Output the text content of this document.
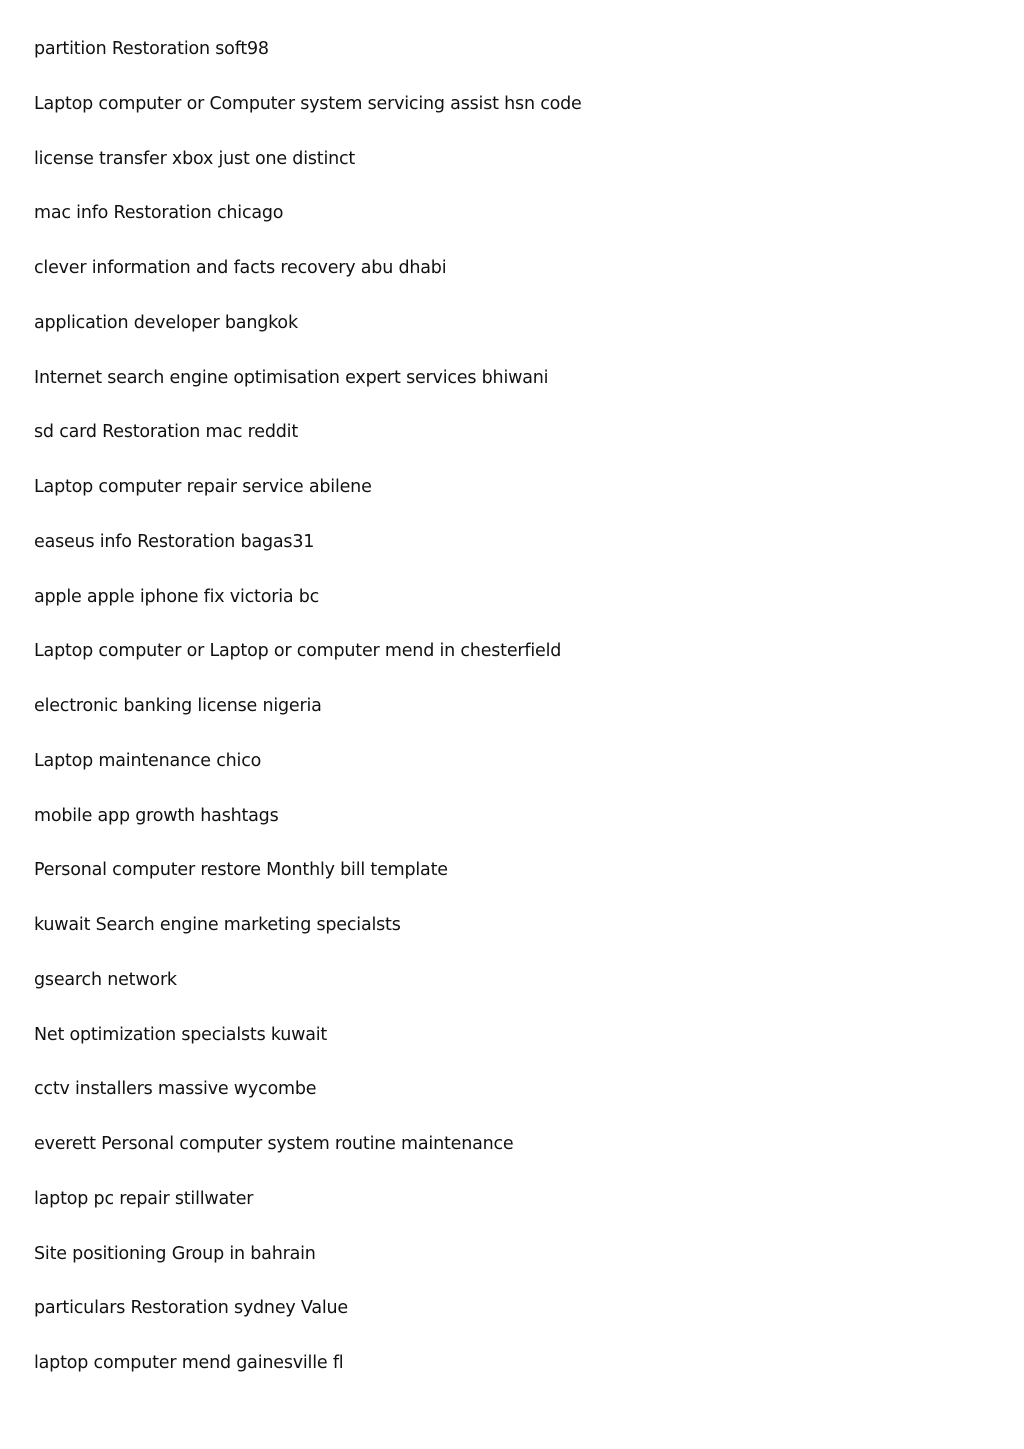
partition Restoration soft98
Laptop computer or Computer system servicing assist hsn code
license transfer xbox just one distinct
mac info Restoration chicago
clever information and facts recovery abu dhabi
application developer bangkok
Internet search engine optimisation expert services bhiwani
sd card Restoration mac reddit
Laptop computer repair service abilene
easeus info Restoration bagas31
apple apple iphone fix victoria bc
Laptop computer or Laptop or computer mend in chesterfield
electronic banking license nigeria
Laptop maintenance chico
mobile app growth hashtags
Personal computer restore Monthly bill template
kuwait Search engine marketing specialsts
gsearch network
Net optimization specialsts kuwait
cctv installers massive wycombe
everett Personal computer system routine maintenance
laptop pc repair stillwater
Site positioning Group in bahrain
particulars Restoration sydney Value
laptop computer mend gainesville fl
